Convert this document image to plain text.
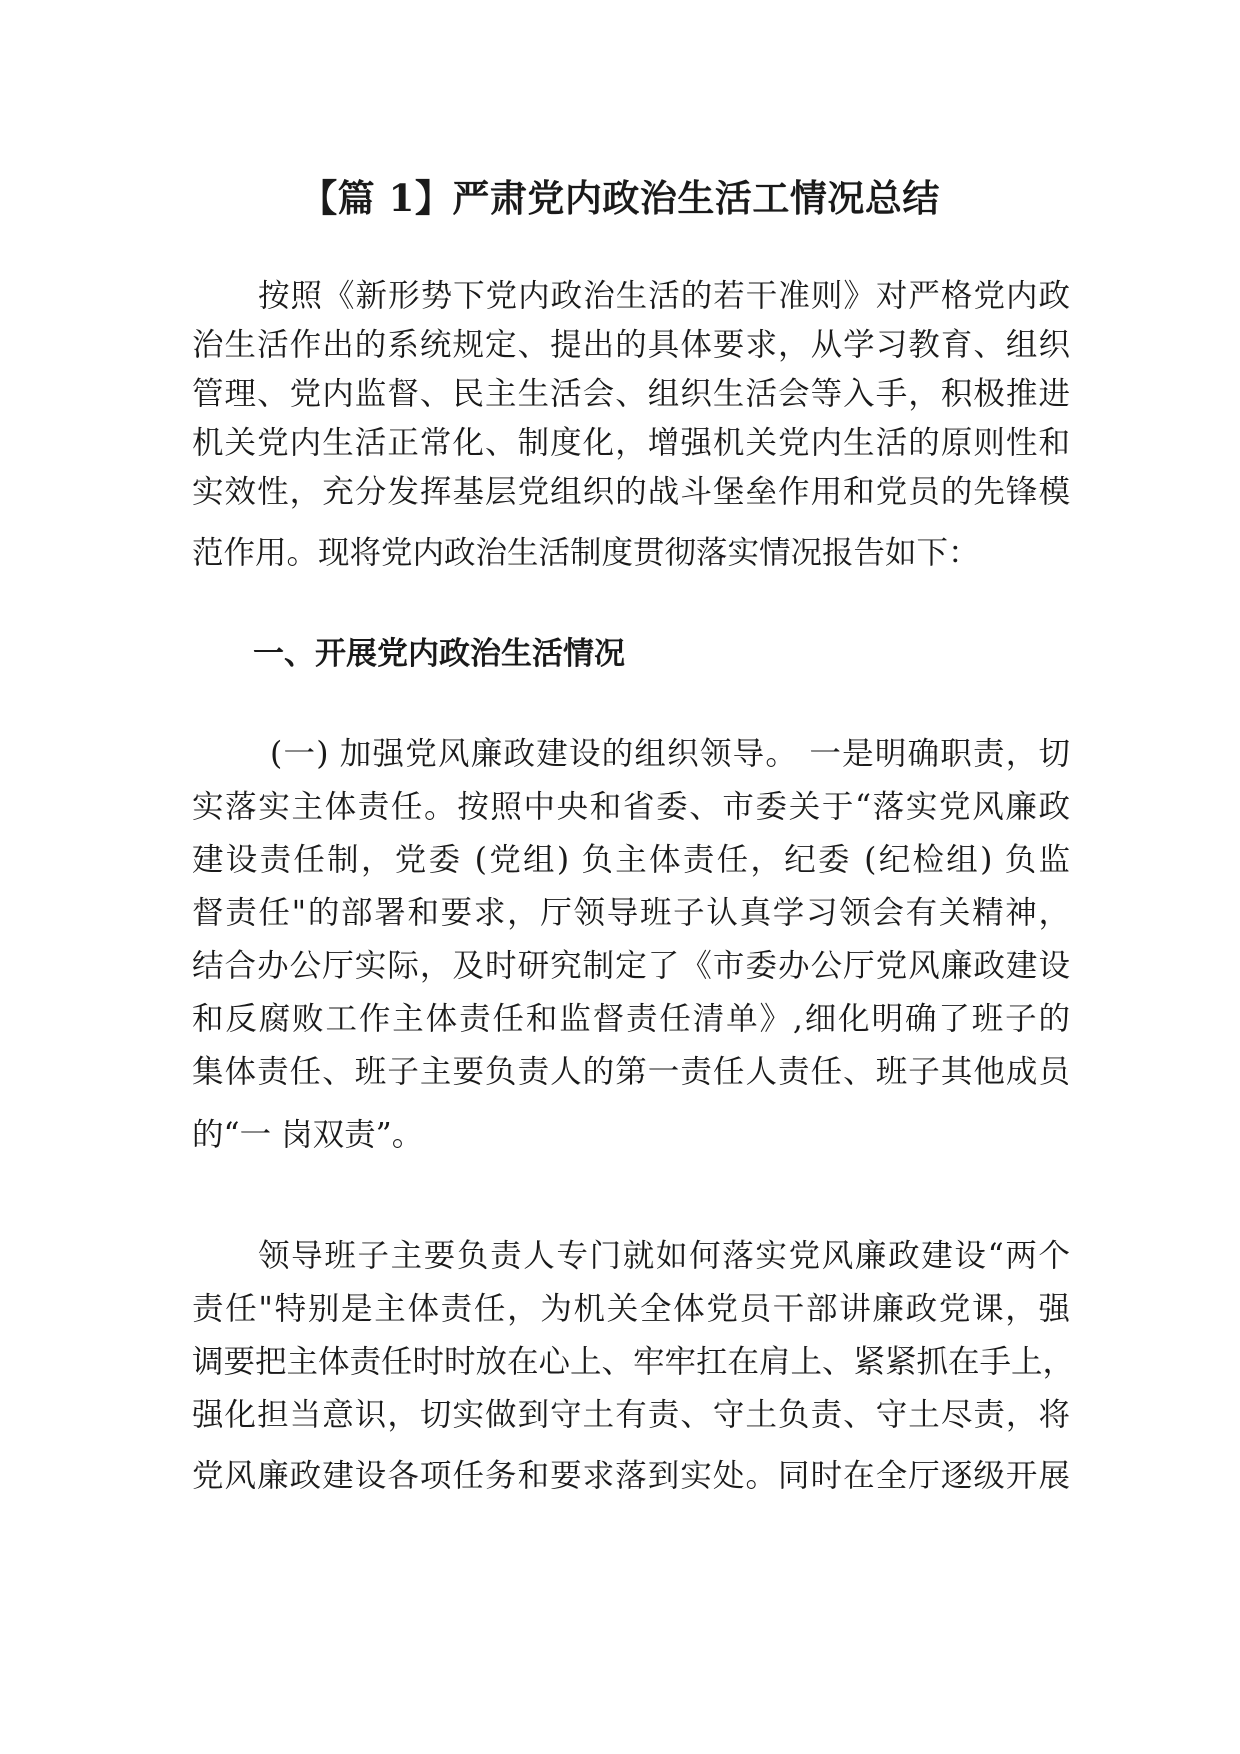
【篇 1】严肃党内政治生活工情况总结
按照《新形势下党内政治生活的若干准则》对严格党内政
治生活作出的系统规定、提出的具体要求，从学习教育、组织
管理、党内监督、民主生活会、组织生活会等入手，积极推进
机关党内生活正常化、制度化，增强机关党内生活的原则性和
实效性，充分发挥基层党组织的战斗堡垒作用和党员的先锋模
范作用。现将党内政治生活制度贯彻落实情况报告如下：
一、开展党内政治生活情况
(一) 加强党风廉政建设的组织领导。 一是明确职责，切
实落实主体责任。按照中央和省委、市委关于“落实党风廉政
建设责任制，党委 (党组) 负主体责任，纪委 (纪检组) 负监
督责任"的部署和要求，厅领导班子认真学习领会有关精神，
结合办公厅实际，及时研究制定了《市委办公厅党风廉政建设
和反腐败工作主体责任和监督责任清单》,细化明确了班子的
集体责任、班子主要负责人的第一责任人责任、班子其他成员
的“一 岗双责”。
领导班子主要负责人专门就如何落实党风廉政建设“两个
责任"特别是主体责任，为机关全体党员干部讲廉政党课，强
调要把主体责任时时放在心上、牢牢扛在肩上、紧紧抓在手上，
强化担当意识，切实做到守土有责、守土负责、守土尽责，将
党风廉政建设各项任务和要求落到实处。同时在全厅逐级开展
